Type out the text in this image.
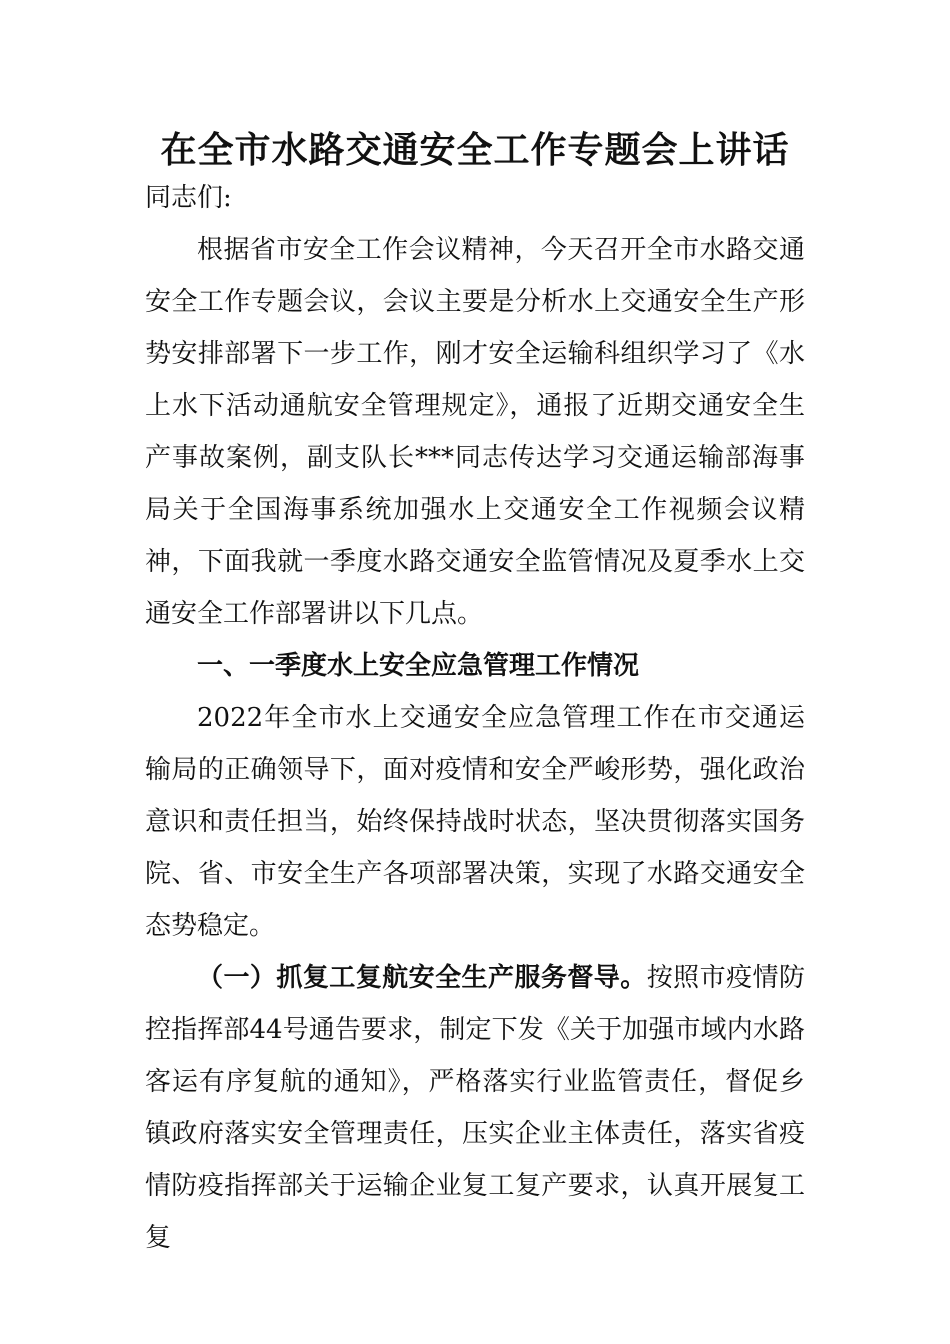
在全市水路交通安全工作专题会上讲话

同志们:

根据省市安全工作会议精神，今天召开全市水路交通安全工作专题会议，会议主要是分析水上交通安全生产形势安排部署下一步工作，刚才安全运输科组织学习了《水上水下活动通航安全管理规定》，通报了近期交通安全生产事故案例，副支队长***同志传达学习交通运输部海事局关于全国海事系统加强水上交通安全工作视频会议精神，下面我就一季度水路交通安全监管情况及夏季水上交通安全工作部署讲以下几点。

一、一季度水上安全应急管理工作情况

2022年全市水上交通安全应急管理工作在市交通运输局的正确领导下，面对疫情和安全严峻形势，强化政治意识和责任担当，始终保持战时状态，坚决贯彻落实国务院、省、市安全生产各项部署决策，实现了水路交通安全态势稳定。

（一）抓复工复航安全生产服务督导。按照市疫情防控指挥部44号通告要求，制定下发《关于加强市域内水路客运有序复航的通知》，严格落实行业监管责任，督促乡镇政府落实安全管理责任，压实企业主体责任，落实省疫情防疫指挥部关于运输企业复工复产要求，认真开展复工复
